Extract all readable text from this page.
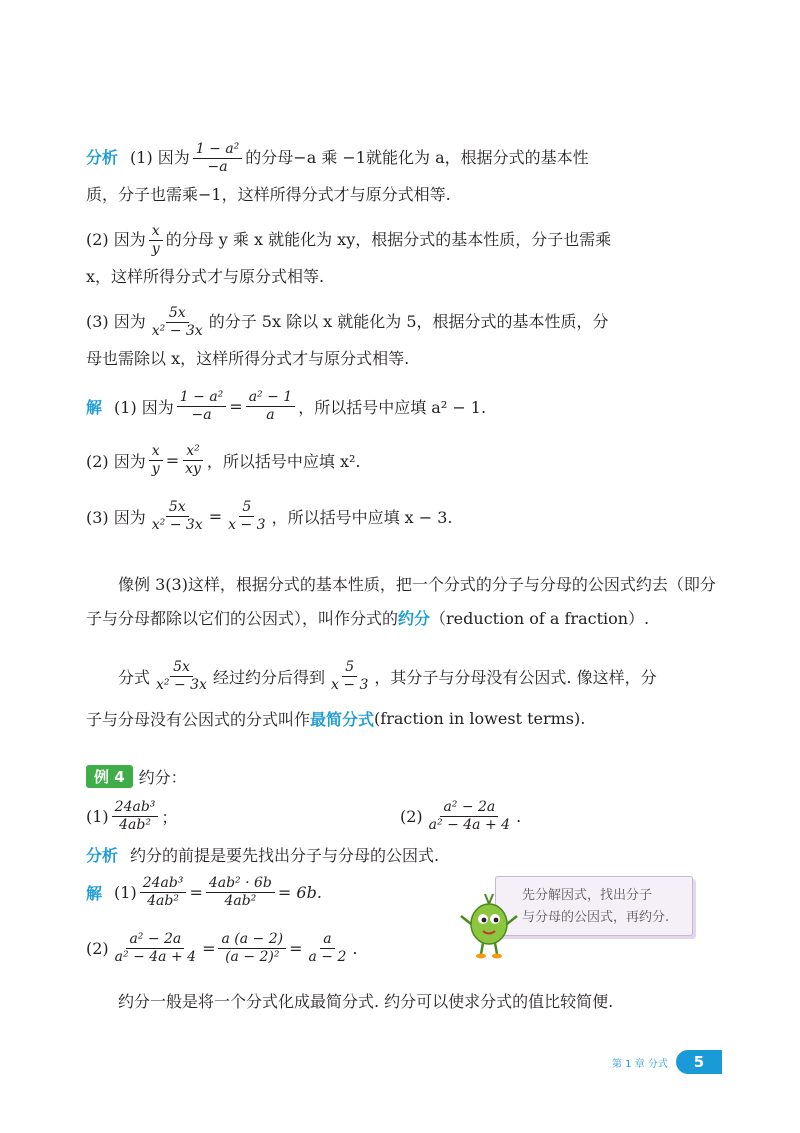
分析 (1) 因为 $\frac{\text{1 − a²}}{-a}$ 的分母−a 乘 −1就能化为 a，根据分式的基本性
质，分子也需乘−1，这样所得分式才与原分式相等.
(2) 因为 $\frac{x}{y}$ 的分母 y 乘 x 就能化为 xy，根据分式的基本性质，分子也需乘
x，这样所得分式才与原分式相等.
(3) 因为 $\frac{5x}{\text{x² − 3x}}$ 的分子 5x 除以 x 就能化为 5，根据分式的基本性质，分
母也需除以 x，这样所得分式才与原分式相等.
解 (1) 因为 $\frac{\text{1 − a²}}{-a} = \frac{\text{a² − 1}}{a}$ ，所以括号中应填 a² − 1.
(2) 因为 $\frac{x}{y} = \frac{\text{x²}}{xy}$ ，所以括号中应填 x².
(3) 因为 $\frac{5x}{\text{x² − 3x}} = \frac{5}{x - 3}$ ，所以括号中应填 x − 3.
像例 3(3)这样，根据分式的基本性质，把一个分式的分子与分母的公因式约去（即分子与分母都除以它们的公因式），叫作分式的约分（reduction of a fraction）.
分式 $\frac{5x}{\text{x² − 3x}}$ 经过约分后得到 $\frac{5}{x - 3}$ ，其分子与分母没有公因式. 像这样，分
子与分母没有公因式的分式叫作 最简分式 (fraction in lowest terms).
例 4 约分：
$(1) \frac{\text{24ab³}}{\text{4ab²}}$ ；	$(2) \frac{\text{a² − 2a}}{\text{a² − 4a + 4}}$ .
分析 约分的前提是要先找出分子与分母的公因式.
解 $(1) \frac{\text{24ab³}}{\text{4ab²}} = \frac{\text{4ab² · 6b}}{\text{4ab²}} = 6b$.
$(2) \frac{\text{a² − 2a}}{\text{a² − 4a + 4}} = \frac{a (a - 2)}{\text{(a − 2)²}} = \frac{a}{a - 2}$ .
先分解因式，找出分子
与分母的公因式，再约分.
约分一般是将一个分式化成最简分式. 约分可以使求分式的值比较简便.
第 1 章 分式	5
